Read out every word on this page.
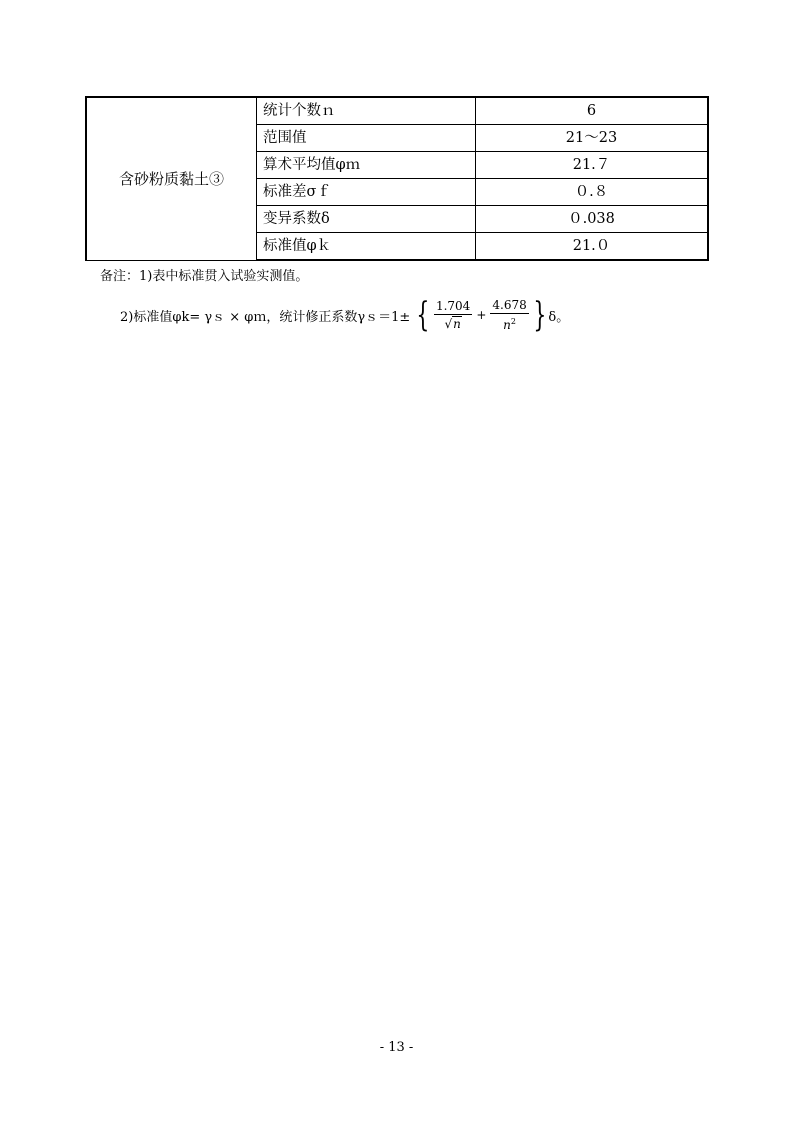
含砂粉质黏土③	统计个数ｎ	6
	范围值	21～23
	算术平均值φｍ	21.７
	标准差σｆ	０.８
	变异系数δ	０.038
	标准值φｋ	21.０
备注：1)表中标准贯入试验实测值。
2)标准值φk= γｓ × φｍ，统计修正系数γｓ＝1± { $\frac{1.704}{√ n} + \frac{4.678}{n^2}$ } δ。
- 13 -
